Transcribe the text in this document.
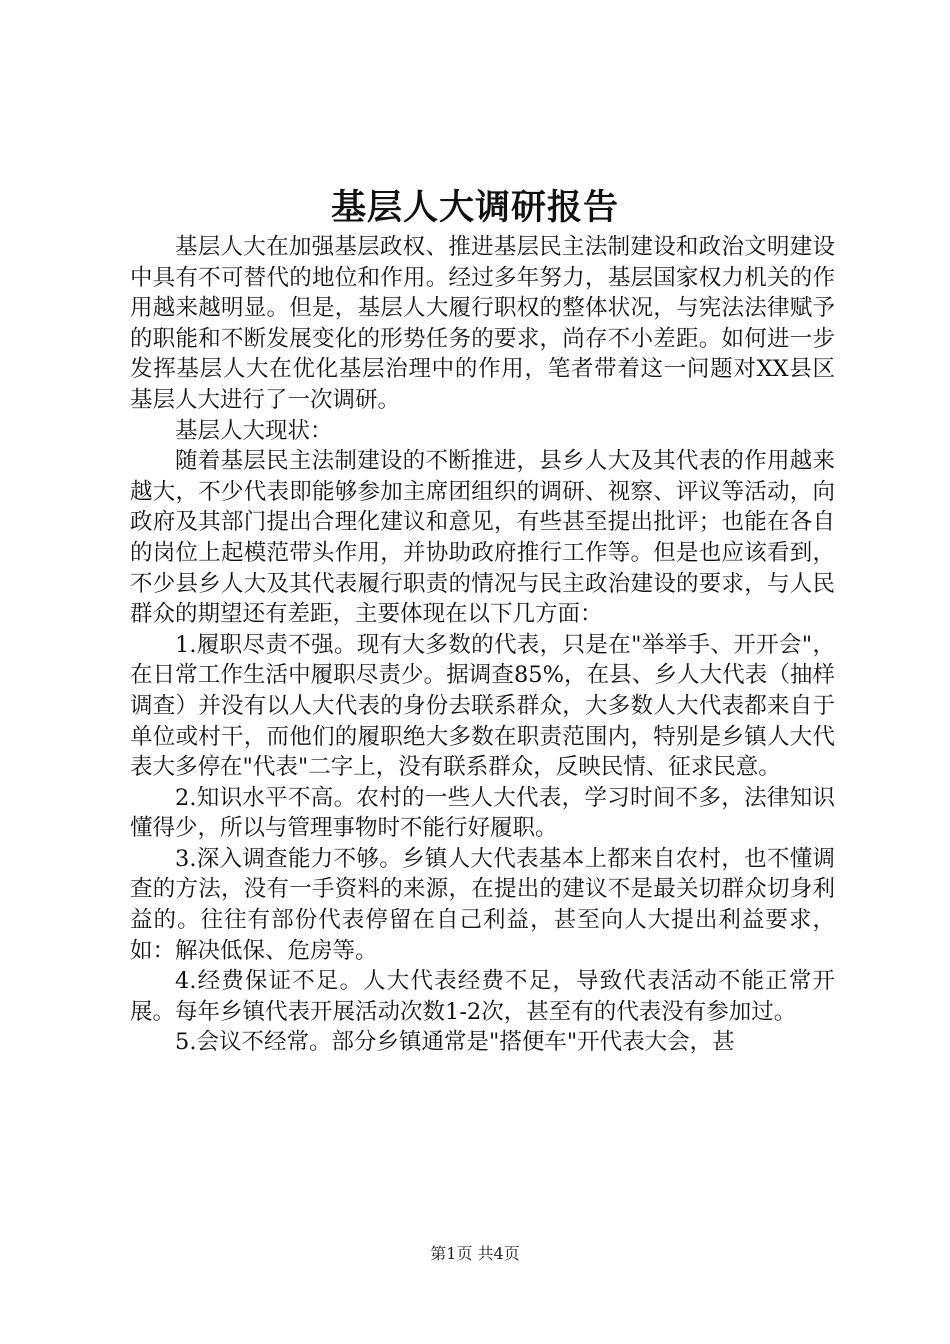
基层人大调研报告

基层人大在加强基层政权、推进基层民主法制建设和政治文明建设中具有不可替代的地位和作用。经过多年努力，基层国家权力机关的作用越来越明显。但是，基层人大履行职权的整体状况，与宪法法律赋予的职能和不断发展变化的形势任务的要求，尚存不小差距。如何进一步发挥基层人大在优化基层治理中的作用，笔者带着这一问题对XX县区基层人大进行了一次调研。

基层人大现状：

随着基层民主法制建设的不断推进，县乡人大及其代表的作用越来越大，不少代表即能够参加主席团组织的调研、视察、评议等活动，向政府及其部门提出合理化建议和意见，有些甚至提出批评；也能在各自的岗位上起模范带头作用，并协助政府推行工作等。但是也应该看到，不少县乡人大及其代表履行职责的情况与民主政治建设的要求，与人民群众的期望还有差距，主要体现在以下几方面：

1.履职尽责不强。现有大多数的代表，只是在"举举手、开开会"，在日常工作生活中履职尽责少。据调查85%，在县、乡人大代表（抽样调查）并没有以人大代表的身份去联系群众，大多数人大代表都来自于单位或村干，而他们的履职绝大多数在职责范围内，特别是乡镇人大代表大多停在"代表"二字上，没有联系群众，反映民情、征求民意。

2.知识水平不高。农村的一些人大代表，学习时间不多，法律知识懂得少，所以与管理事物时不能行好履职。

3.深入调查能力不够。乡镇人大代表基本上都来自农村，也不懂调查的方法，没有一手资料的来源，在提出的建议不是最关切群众切身利益的。往往有部份代表停留在自己利益，甚至向人大提出利益要求，如：解决低保、危房等。

4.经费保证不足。人大代表经费不足，导致代表活动不能正常开展。每年乡镇代表开展活动次数1-2次，甚至有的代表没有参加过。

5.会议不经常。部分乡镇通常是"搭便车"开代表大会，甚

第1页 共4页
